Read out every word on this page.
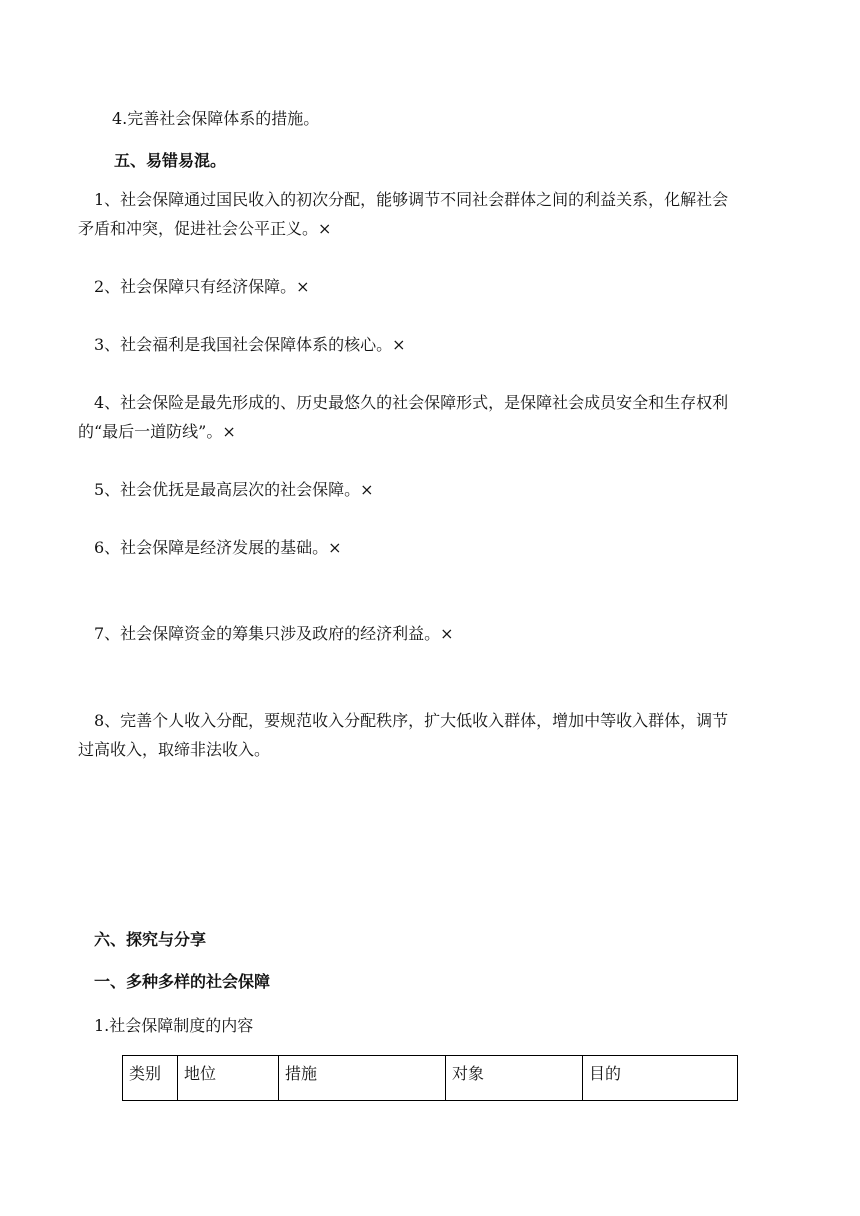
4.完善社会保障体系的措施。
五、易错易混。
1、社会保障通过国民收入的初次分配，能够调节不同社会群体之间的利益关系，化解社会
矛盾和冲突，促进社会公平正义。×
2、社会保障只有经济保障。×
3、社会福利是我国社会保障体系的核心。×
4、社会保险是最先形成的、历史最悠久的社会保障形式，是保障社会成员安全和生存权利
的“最后一道防线”。×
5、社会优抚是最高层次的社会保障。×
6、社会保障是经济发展的基础。×
7、社会保障资金的筹集只涉及政府的经济利益。×
8、完善个人收入分配，要规范收入分配秩序，扩大低收入群体，增加中等收入群体，调节
过高收入，取缔非法收入。
六、探究与分享
一、多种多样的社会保障
1.社会保障制度的内容
类别	地位	措施	对象	目的
